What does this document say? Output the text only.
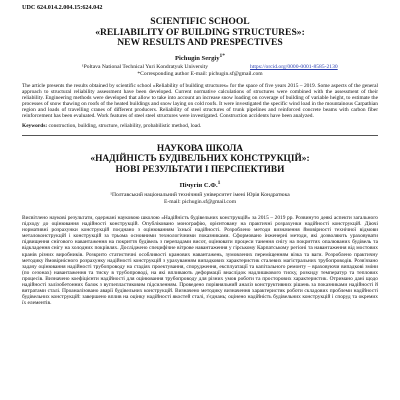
UDC 624.014.2.004.15:624.042
SCIENTIFIC SCHOOL
«RELIABILITY OF BUILDING STRUCTURES»:
NEW RESULTS AND PRESPECTIVES
Pichugin Sergiy$^{1*}$
¹Poltava National Technical Yuri Kondratyuk University	https://orcid.org/0000-0001-8585-2130
*Corresponding author E-mail: pichugin.sf@gmail.com
The article presents the results obtained by scientific school «Reliability of building structures» for the space of five years 2015 – 2019. Some aspects of the general approach to structural reliability assessment have been developed. Current normative calculations of structures were combined with the assessment of their reliability. Engineering methods were developed that allow to take into account an increase snow loading on coverage of building of variable height, to estimate the processes of snow thawing on roofs of the heated buildings and snow laying on cold roofs. It were investigated the specific wind load in the mountainous Carpathian region and loads of travelling cranes of different producers. Reliability of steel structures of trunk pipelines and reinforced concrete beams with carbon fiber reinforcement has been evaluated. Work features of steel steel structures were investigated. Construction accidents have been analyzed.
Keywords: construction, building, structure, reliability, probabilistic method, load.
НАУКОВА ШКОЛА
«НАДІЙНІСТЬ БУДІВЕЛЬНИХ КОНСТРУКЦІЙ»:
НОВІ РЕЗУЛЬТАТИ І ПЕРСПЕКТИВИ
Пічугін С.Ф.$^1$
¹Полтавський національний технічний університет імені Юрія Кондратюка
E-mail: pichugin.sf@gmail.com
Висвітлено наукові результати, одержані науковою школою «Надійність будівельних конструкцій» за 2015 – 2019 рр. Розвинуто деякі аспекти загального підходу до оцінювання надійності конструкцій. Опубліковано монографію, орієнтовану на практичні розрахунки надійності конструкцій. Діючі нормативні розрахунки конструкцій поєднано з оцінюванням їхньої надійності. Розроблено методи визначення ймовірності технічної відмови металоконструкцій і конструкцій за трьома основними технологічними показниками. Сформовано інженерні методи, які дозволяють ураховувати підвищення снігового навантаження на покриття будівель з перепадами висот, оцінювати процеси танення снігу на покриттях опалюваних будівель та відкладення снігу на холодних покрівлях. Досліджено специфічне вітрове навантаження у гірському Карпатському регіоні та навантаження від мостових кранів різних виробників. Розкрито статистичні особливості кранових навантажень, зумовлених переміщенням візка та ваги. Розроблено практичну методику ймовірнісного розрахунку надійності конструкцій з урахуванням випадкових характеристик сталевих магістральних трубопроводів. Розв'язано задачу оцінювання надійності трубопроводу на стадіях проектування, спорудження, експлуатації та капітального ремонту – враховуючи випадкові зміни (по сезонах) навантаження та тиску в трубопроводі, на які впливають деформації внаслідок надлишкового тиску, розкиду температур та теплових процесів. Визначено коефіцієнти надійності для оцінювання трубопроводу для різних умов роботи та просторових характеристик. Отримано дані щодо надійності залізобетонних балок з вуглепластиковим підсиленням. Проведено порівняльний аналіз конструктивних рішень за показниками надійності й витратами сталі. Проаналізовано аварії будівельних конструкцій. Визначено методику визначення характеристик роботи складових проблеми надійності будівельних конструкцій: завершено вплив на оцінку надійності якостей сталі, з'єднань; оцінено надійність будівельних конструкцій і споруд та окремих їх елементів.
